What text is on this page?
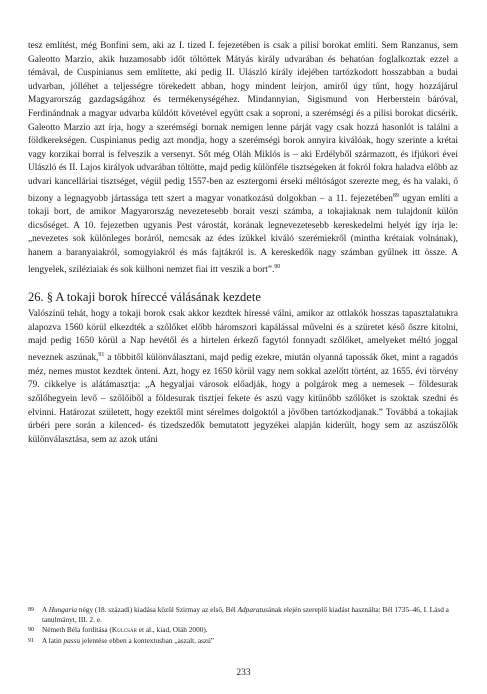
tesz említést, még Bonfini sem, aki az I. tized I. fejezetében is csak a pilisi borokat említi. Sem Ranzanus, sem Galeotto Marzio, akik huzamosabb időt töltöttek Mátyás király udvarában és behatóan foglalkoztak ezzel a témával, de Cuspinianus sem említette, aki pedig II. Ulászló király idejében tartózkodott hosszabban a budai udvarban, jólléhet a teljességre törekedett abban, hogy mindent leírjon, amiről úgy tűnt, hogy hozzájárul Magyarország gazdagságához és termékenységéhez. Mindannyian, Sigismund von Herberstein báróval, Ferdinándnak a magyar udvarba küldött követével együtt csak a soproni, a szerémségi és a pilisi borokat dicsérik. Galeotto Marzio azt írja, hogy a szerémségi bornak nemigen lenne párját vagy csak hozzá hasonlót is találni a földkerekségen. Cuspinianus pedig azt mondja, hogy a szerémségi borok annyira kiválóak, hogy szerinte a krétai vagy korzikai borral is felveszik a versenyt. Sőt még Oláh Miklós is – aki Erdélyből származott, és ifjúkori évei Ulászló és II. Lajos királyok udvarában töltötte, majd pedig különféle tisztségeken át fokról fokra haladva előbb az udvari kancelláriai tisztséget, végül pedig 1557-ben az esztergomi érseki méltóságot szerezte meg, és ha valaki, ő bizony a legnagyobb jártassága tett szert a magyar vonatkozású dolgokban – a 11. fejezetében$^{89}$ ugyan említi a tokaji bort, de amikor Magyarország nevezetesebb borait veszi számba, a tokajiaknak nem tulajdonít külön dicsőséget. A 10. fejezetben ugyanis Pest várostát, korának legnevezetesebb kereskedelmi helyét így írja le: „nevezetes sok különleges boráról, nemcsak az édes ízükkel kiváló szerémiekről (mintha krétaiak volnának), hanem a baranyaiakról, somogyiakról és más fajtákról is. A kereskedők nagy számban gyűlnek itt össze. A lengyelek, sziléziaiak és sok külhoni nemzet fiai itt veszik a bort”.$^{90}$

26. § A tokaji borok hírессé válásának kezdete

Valószínű tehát, hogy a tokaji borok csak akkor kezdtek híressé válni, amikor az ottlakók hosszas tapasztalatukra alapozva 1560 körül elkezdték a szőlőket előbb háromszori kapálással művelni és a szüretet késő őszre kitolni, majd pedig 1650 körül a Nap hevétől és a hirtelen érkező fagytól fonnyadt szőlőket, amelyeket méltó joggal neveznek aszúnak,$^{91}$ a többitől különválasztani, majd pedig ezekre, miután olyanná tapossák őket, mint a ragadós méz, nemes mustot kezdtek önteni. Azt, hogy ez 1650 körül vagy nem sokkal azelőtt történt, az 1655. évi törvény 79. cikkelye is alátámasztja: „A hegyaljai városok előadják, hogy a polgárok meg a nemesek – földesurak szőlőhegyein levő – szőlőiből a földesurak tisztjei fekete és aszú vagy kitűnőbb szőlőket is szoktak szedni és elvinni. Határozat született, hogy ezektől mint sérelmes dolgoktól a jövőben tartózkodjanak.” Továbbá a tokajiak úrbéri pere során a kilenced- és tizedszedők bemutatott jegyzékei alapján kiderült, hogy sem az aszúszőlők különválasztása, sem az azok utáni

89	A Hungaria négy (18. századi) kiadása közül Szirmay az első, Bél Adparatusának elején szereplő kiadást használta: Bél 1735–46, I. Lásd a tanulmányt, III. 2. e.
90	Németh Béla fordítása (Kulcsár et al., kiad, Oláh 2000).
91	A latin passu jelentése ebben a kontextusban „aszalt, aszú”
233
